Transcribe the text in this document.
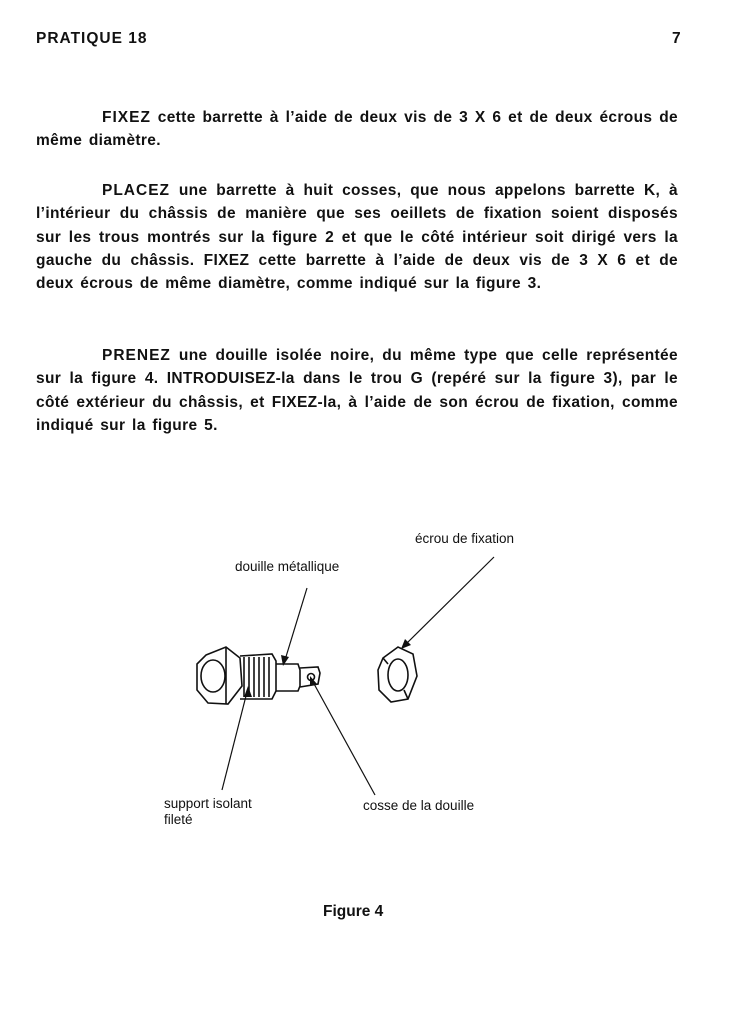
PRATIQUE 18	7
FIXEZ cette barrette à l’aide de deux vis de 3 X 6 et de deux écrous de même diamètre.
PLACEZ une barrette à huit cosses, que nous appelons barrette K, à l’intérieur du châssis de manière que ses oeillets de fixation soient disposés sur les trous montrés sur la figure 2 et que le côté intérieur soit dirigé vers la gauche du châssis. FIXEZ cette barrette à l’aide de deux vis de 3 X 6 et de deux écrous de même diamètre, comme indiqué sur la figure 3.
PRENEZ une douille isolée noire, du même type que celle représentée sur la figure 4. INTRODUISEZ-la dans le trou G (repéré sur la figure 3), par le côté extérieur du châssis, et FIXEZ-la, à l’aide de son écrou de fixation, comme indiqué sur la figure 5.
écrou de fixation
douille métallique
support isolant
fileté
cosse de la douille
Figure 4
